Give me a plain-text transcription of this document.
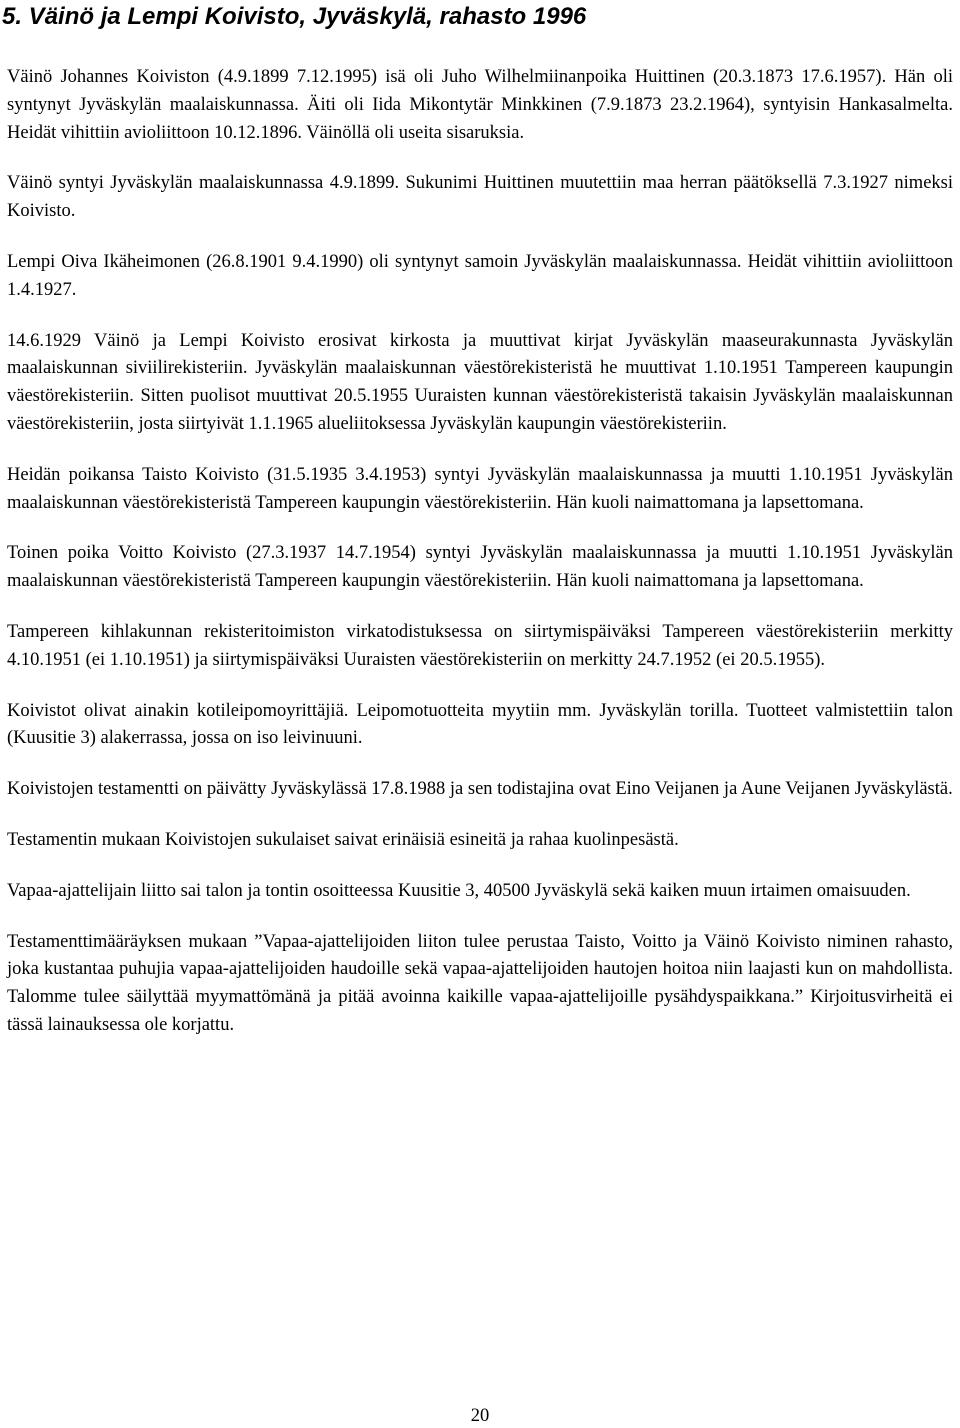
5. Väinö ja Lempi Koivisto, Jyväskylä, rahasto 1996

Väinö Johannes Koiviston (4.9.1899 7.12.1995) isä oli Juho Wilhelmiinanpoika Huittinen (20.3.1873 17.6.1957). Hän oli syntynyt Jyväskylän maalaiskunnassa. Äiti oli Iida Mikontytär Minkkinen (7.9.1873 23.2.1964), syntyisin Hankasalmelta. Heidät vihittiin avioliittoon 10.12.1896. Väinöllä oli useita sisaruksia.

Väinö syntyi Jyväskylän maalaiskunnassa 4.9.1899. Sukunimi Huittinen muutettiin maa herran päätöksellä 7.3.1927 nimeksi Koivisto.

Lempi Oiva Ikäheimonen (26.8.1901 9.4.1990) oli syntynyt samoin Jyväskylän maalaiskunnassa. Heidät vihittiin avioliittoon 1.4.1927.

14.6.1929 Väinö ja Lempi Koivisto erosivat kirkosta ja muuttivat kirjat Jyväskylän maaseurakunnasta Jyväskylän maalaiskunnan siviilirekisteriin. Jyväskylän maalaiskunnan väestörekisteristä he muuttivat 1.10.1951 Tampereen kaupungin väestörekisteriin. Sitten puolisot muuttivat 20.5.1955 Uuraisten kunnan väestörekisteristä takaisin Jyväskylän maalaiskunnan väestörekisteriin, josta siirtyivät 1.1.1965 alueliitoksessa Jyväskylän kaupungin väestörekisteriin.

Heidän poikansa Taisto Koivisto (31.5.1935 3.4.1953) syntyi Jyväskylän maalaiskunnassa ja muutti 1.10.1951 Jyväskylän maalaiskunnan väestörekisteristä Tampereen kaupungin väestörekisteriin. Hän kuoli naimattomana ja lapsettomana.

Toinen poika Voitto Koivisto (27.3.1937 14.7.1954) syntyi Jyväskylän maalaiskunnassa ja muutti 1.10.1951 Jyväskylän maalaiskunnan väestörekisteristä Tampereen kaupungin väestörekisteriin. Hän kuoli naimattomana ja lapsettomana.

Tampereen kihlakunnan rekisteritoimiston virkatodistuksessa on siirtymispäiväksi Tampereen väestörekisteriin merkitty 4.10.1951 (ei 1.10.1951) ja siirtymispäiväksi Uuraisten väestörekisteriin on merkitty 24.7.1952 (ei 20.5.1955).

Koivistot olivat ainakin kotileipomoyrittäjiä. Leipomotuotteita myytiin mm. Jyväskylän torilla. Tuotteet valmistettiin talon (Kuusitie 3) alakerrassa, jossa on iso leivinuuni.

Koivistojen testamentti on päivätty Jyväskylässä 17.8.1988 ja sen todistajina ovat Eino Veijanen ja Aune Veijanen Jyväskylästä.

Testamentin mukaan Koivistojen sukulaiset saivat erinäisiä esineitä ja rahaa kuolinpesästä.

Vapaa-ajattelijain liitto sai talon ja tontin osoitteessa Kuusitie 3, 40500 Jyväskylä sekä kaiken muun irtaimen omaisuuden.

Testamenttimääräyksen mukaan ”Vapaa-ajattelijoiden liiton tulee perustaa Taisto, Voitto ja Väinö Koivisto niminen rahasto, joka kustantaa puhujia vapaa-ajattelijoiden haudoille sekä vapaa-ajattelijoiden hautojen hoitoa niin laajasti kun on mahdollista. Talomme tulee säilyttää myymattömänä ja pitää avoinna kaikille vapaa-ajattelijoille pysähdyspaikkana.” Kirjoitusvirheitä ei tässä lainauksessa ole korjattu.

20
